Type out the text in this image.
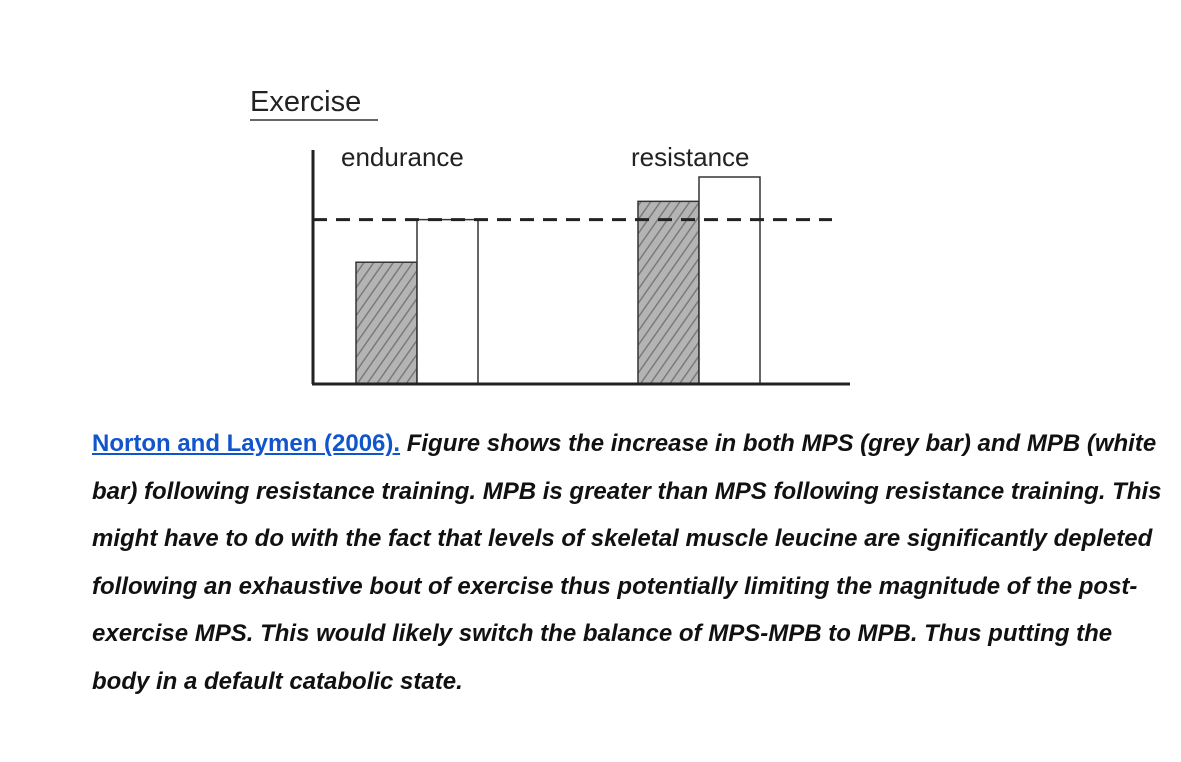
Exercise
endurance	resistance

Norton and Laymen (2006). Figure shows the increase in both MPS (grey bar) and MPB (white bar) following resistance training. MPB is greater than MPS following resistance training. This might have to do with the fact that levels of skeletal muscle leucine are significantly depleted following an exhaustive bout of exercise thus potentially limiting the magnitude of the post-exercise MPS. This would likely switch the balance of MPS-MPB to MPB. Thus putting the body in a default catabolic state.
